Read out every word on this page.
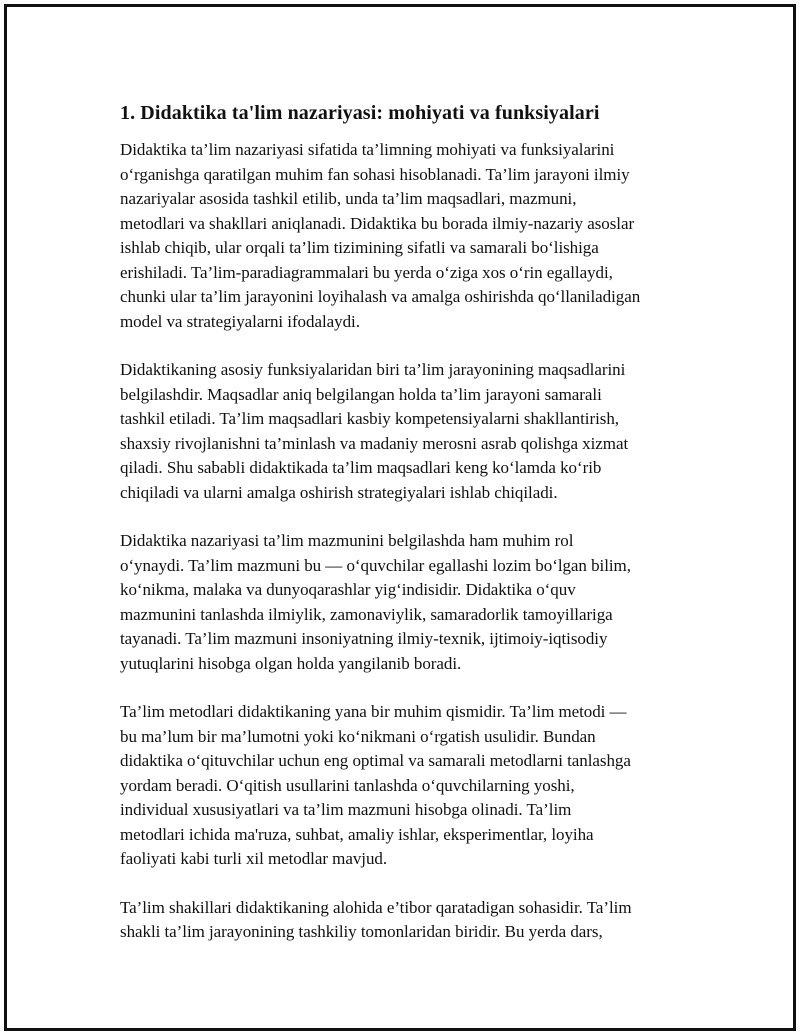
1. Didaktika ta'lim nazariyasi: mohiyati va funksiyalari

Didaktika ta’lim nazariyasi sifatida ta’limning mohiyati va funksiyalarini
o‘rganishga qaratilgan muhim fan sohasi hisoblanadi. Ta’lim jarayoni ilmiy
nazariyalar asosida tashkil etilib, unda ta’lim maqsadlari, mazmuni,
metodlari va shakllari aniqlanadi. Didaktika bu borada ilmiy-nazariy asoslar
ishlab chiqib, ular orqali ta’lim tizimining sifatli va samarali bo‘lishiga
erishiladi. Ta’lim-paradiagrammalari bu yerda o‘ziga xos o‘rin egallaydi,
chunki ular ta’lim jarayonini loyihalash va amalga oshirishda qo‘llaniladigan
model va strategiyalarni ifodalaydi.

Didaktikaning asosiy funksiyalaridan biri ta’lim jarayonining maqsadlarini
belgilashdir. Maqsadlar aniq belgilangan holda ta’lim jarayoni samarali
tashkil etiladi. Ta’lim maqsadlari kasbiy kompetensiyalarni shakllantirish,
shaxsiy rivojlanishni ta’minlash va madaniy merosni asrab qolishga xizmat
qiladi. Shu sababli didaktikada ta’lim maqsadlari keng ko‘lamda ko‘rib
chiqiladi va ularni amalga oshirish strategiyalari ishlab chiqiladi.

Didaktika nazariyasi ta’lim mazmunini belgilashda ham muhim rol
o‘ynaydi. Ta’lim mazmuni bu — o‘quvchilar egallashi lozim bo‘lgan bilim,
ko‘nikma, malaka va dunyoqarashlar yig‘indisidir. Didaktika o‘quv
mazmunini tanlashda ilmiylik, zamonaviylik, samaradorlik tamoyillariga
tayanadi. Ta’lim mazmuni insoniyatning ilmiy-texnik, ijtimoiy-iqtisodiy
yutuqlarini hisobga olgan holda yangilanib boradi.

Ta’lim metodlari didaktikaning yana bir muhim qismidir. Ta’lim metodi —
bu ma’lum bir ma’lumotni yoki ko‘nikmani o‘rgatish usulidir. Bundan
didaktika o‘qituvchilar uchun eng optimal va samarali metodlarni tanlashga
yordam beradi. O‘qitish usullarini tanlashda o‘quvchilarning yoshi,
individual xususiyatlari va ta’lim mazmuni hisobga olinadi. Ta’lim
metodlari ichida ma'ruza, suhbat, amaliy ishlar, eksperimentlar, loyiha
faoliyati kabi turli xil metodlar mavjud.

Ta’lim shakillari didaktikaning alohida e’tibor qaratadigan sohasidir. Ta’lim
shakli ta’lim jarayonining tashkiliy tomonlaridan biridir. Bu yerda dars,
